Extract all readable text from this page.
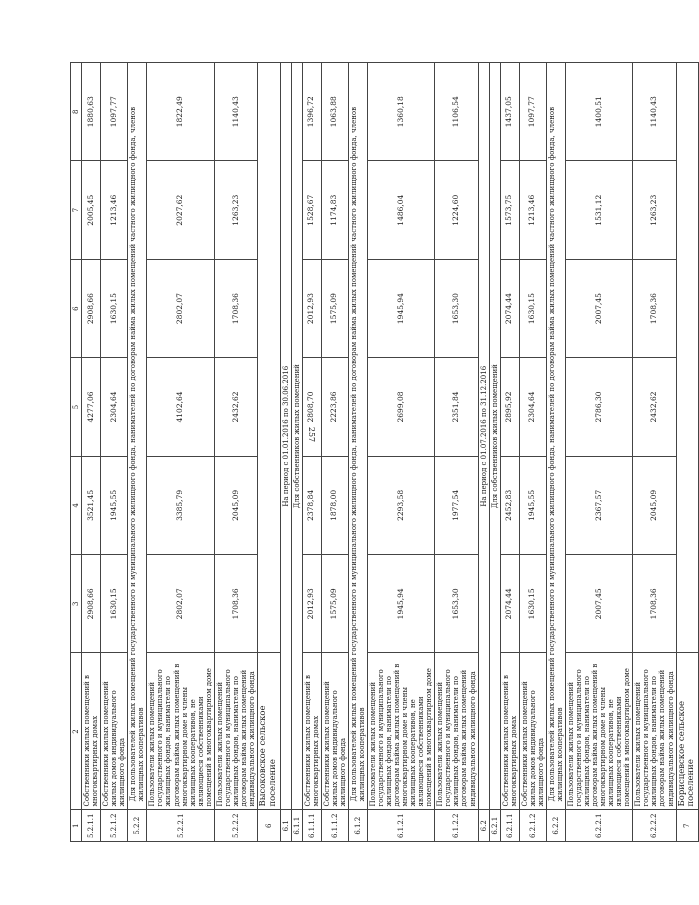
257
1	2	3	4	5	6	7	8
5.2.1.1	Собственники жилых помещений в многоквартирных домах	2908,66	3521,45	4277,06	2908,66	2005,45	1880,63
5.2.1.2	Собственники жилых помещений жилых домов индивидуального жилищного фонда	1630,15	1945,55	2304,64	1630,15	1213,46	1097,77
5.2.2	Для пользователей жилых помещений государственного и муниципального жилищного фонда, нанимателей по договорам найма жилых помещений частного жилищного фонда, членов жилищных кооперативов						
5.2.2.1	Пользователи жилых помещений государственного и муниципального жилищных фондов, наниматели по договорам найма жилых помещений в многоквартирном доме и члены жилищных кооперативов, не являющиеся собственниками помещений в многоквартирном доме	2802,07	3385,79	4102,64	2802,07	2027,62	1822,49
5.2.2.2	Пользователи жилых помещений государственного и муниципального жилищных фондов, наниматели по договорам найма жилых помещений индивидуального жилищного фонда	1708,36	2045,09	2432,62	1708,36	1263,23	1140,43
6	Высоковское сельское поселение						
6.1	На период с 01.01.2016 по 30.06.2016						
6.1.1	Для собственников жилых помещений						
6.1.1.1	Собственники жилых помещений в многоквартирных домах	2012,93	2378,84	2808,70	2012,93	1528,67	1396,72
6.1.1.2	Собственники жилых помещений жилых домов индивидуального жилищного фонда	1575,09	1878,00	2223,86	1575,09	1174,83	1063,88
6.1.2	Для пользователей жилых помещений государственного и муниципального жилищного фонда, нанимателей по договорам найма жилых помещений частного жилищного фонда, членов жилищных кооперативов						
6.1.2.1	Пользователи жилых помещений государственного и муниципального жилищных фондов, наниматели по договорам найма жилых помещений в многоквартирном доме и члены жилищных кооперативов, не являющиеся собственниками помещений в многоквартирном доме	1945,94	2293,58	2699,08	1945,94	1486,04	1360,18
6.1.2.2	Пользователи жилых помещений государственного и муниципального жилищных фондов, наниматели по договорам найма жилых помещений индивидуального жилищного фонда	1653,30	1977,54	2351,84	1653,30	1224,60	1106,54
6.2	На период с 01.07.2016 по 31.12.2016						
6.2.1	Для собственников жилых помещений						
6.2.1.1	Собственники жилых помещений в многоквартирных домах	2074,44	2452,83	2895,92	2074,44	1573,75	1437,05
6.2.1.2	Собственники жилых помещений жилых домов индивидуального жилищного фонда	1630,15	1945,55	2304,64	1630,15	1213,46	1097,77
6.2.2	Для пользователей жилых помещений государственного и муниципального жилищного фонда, нанимателей по договорам найма жилых помещений частного жилищного фонда, членов жилищных кооперативов						
6.2.2.1	Пользователи жилых помещений государственного и муниципального жилищных фондов, наниматели по договорам найма жилых помещений в многоквартирном доме и члены жилищных кооперативов, не являющиеся собственниками помещений в многоквартирном доме	2007,45	2367,57	2786,30	2007,45	1531,12	1400,51
6.2.2.2	Пользователи жилых помещений государственного и муниципального жилищных фондов, наниматели по договорам найма жилых помещений индивидуального жилищного фонда	1708,36	2045,09	2432,62	1708,36	1263,23	1140,43
7	Борисцевское сельское поселение						
